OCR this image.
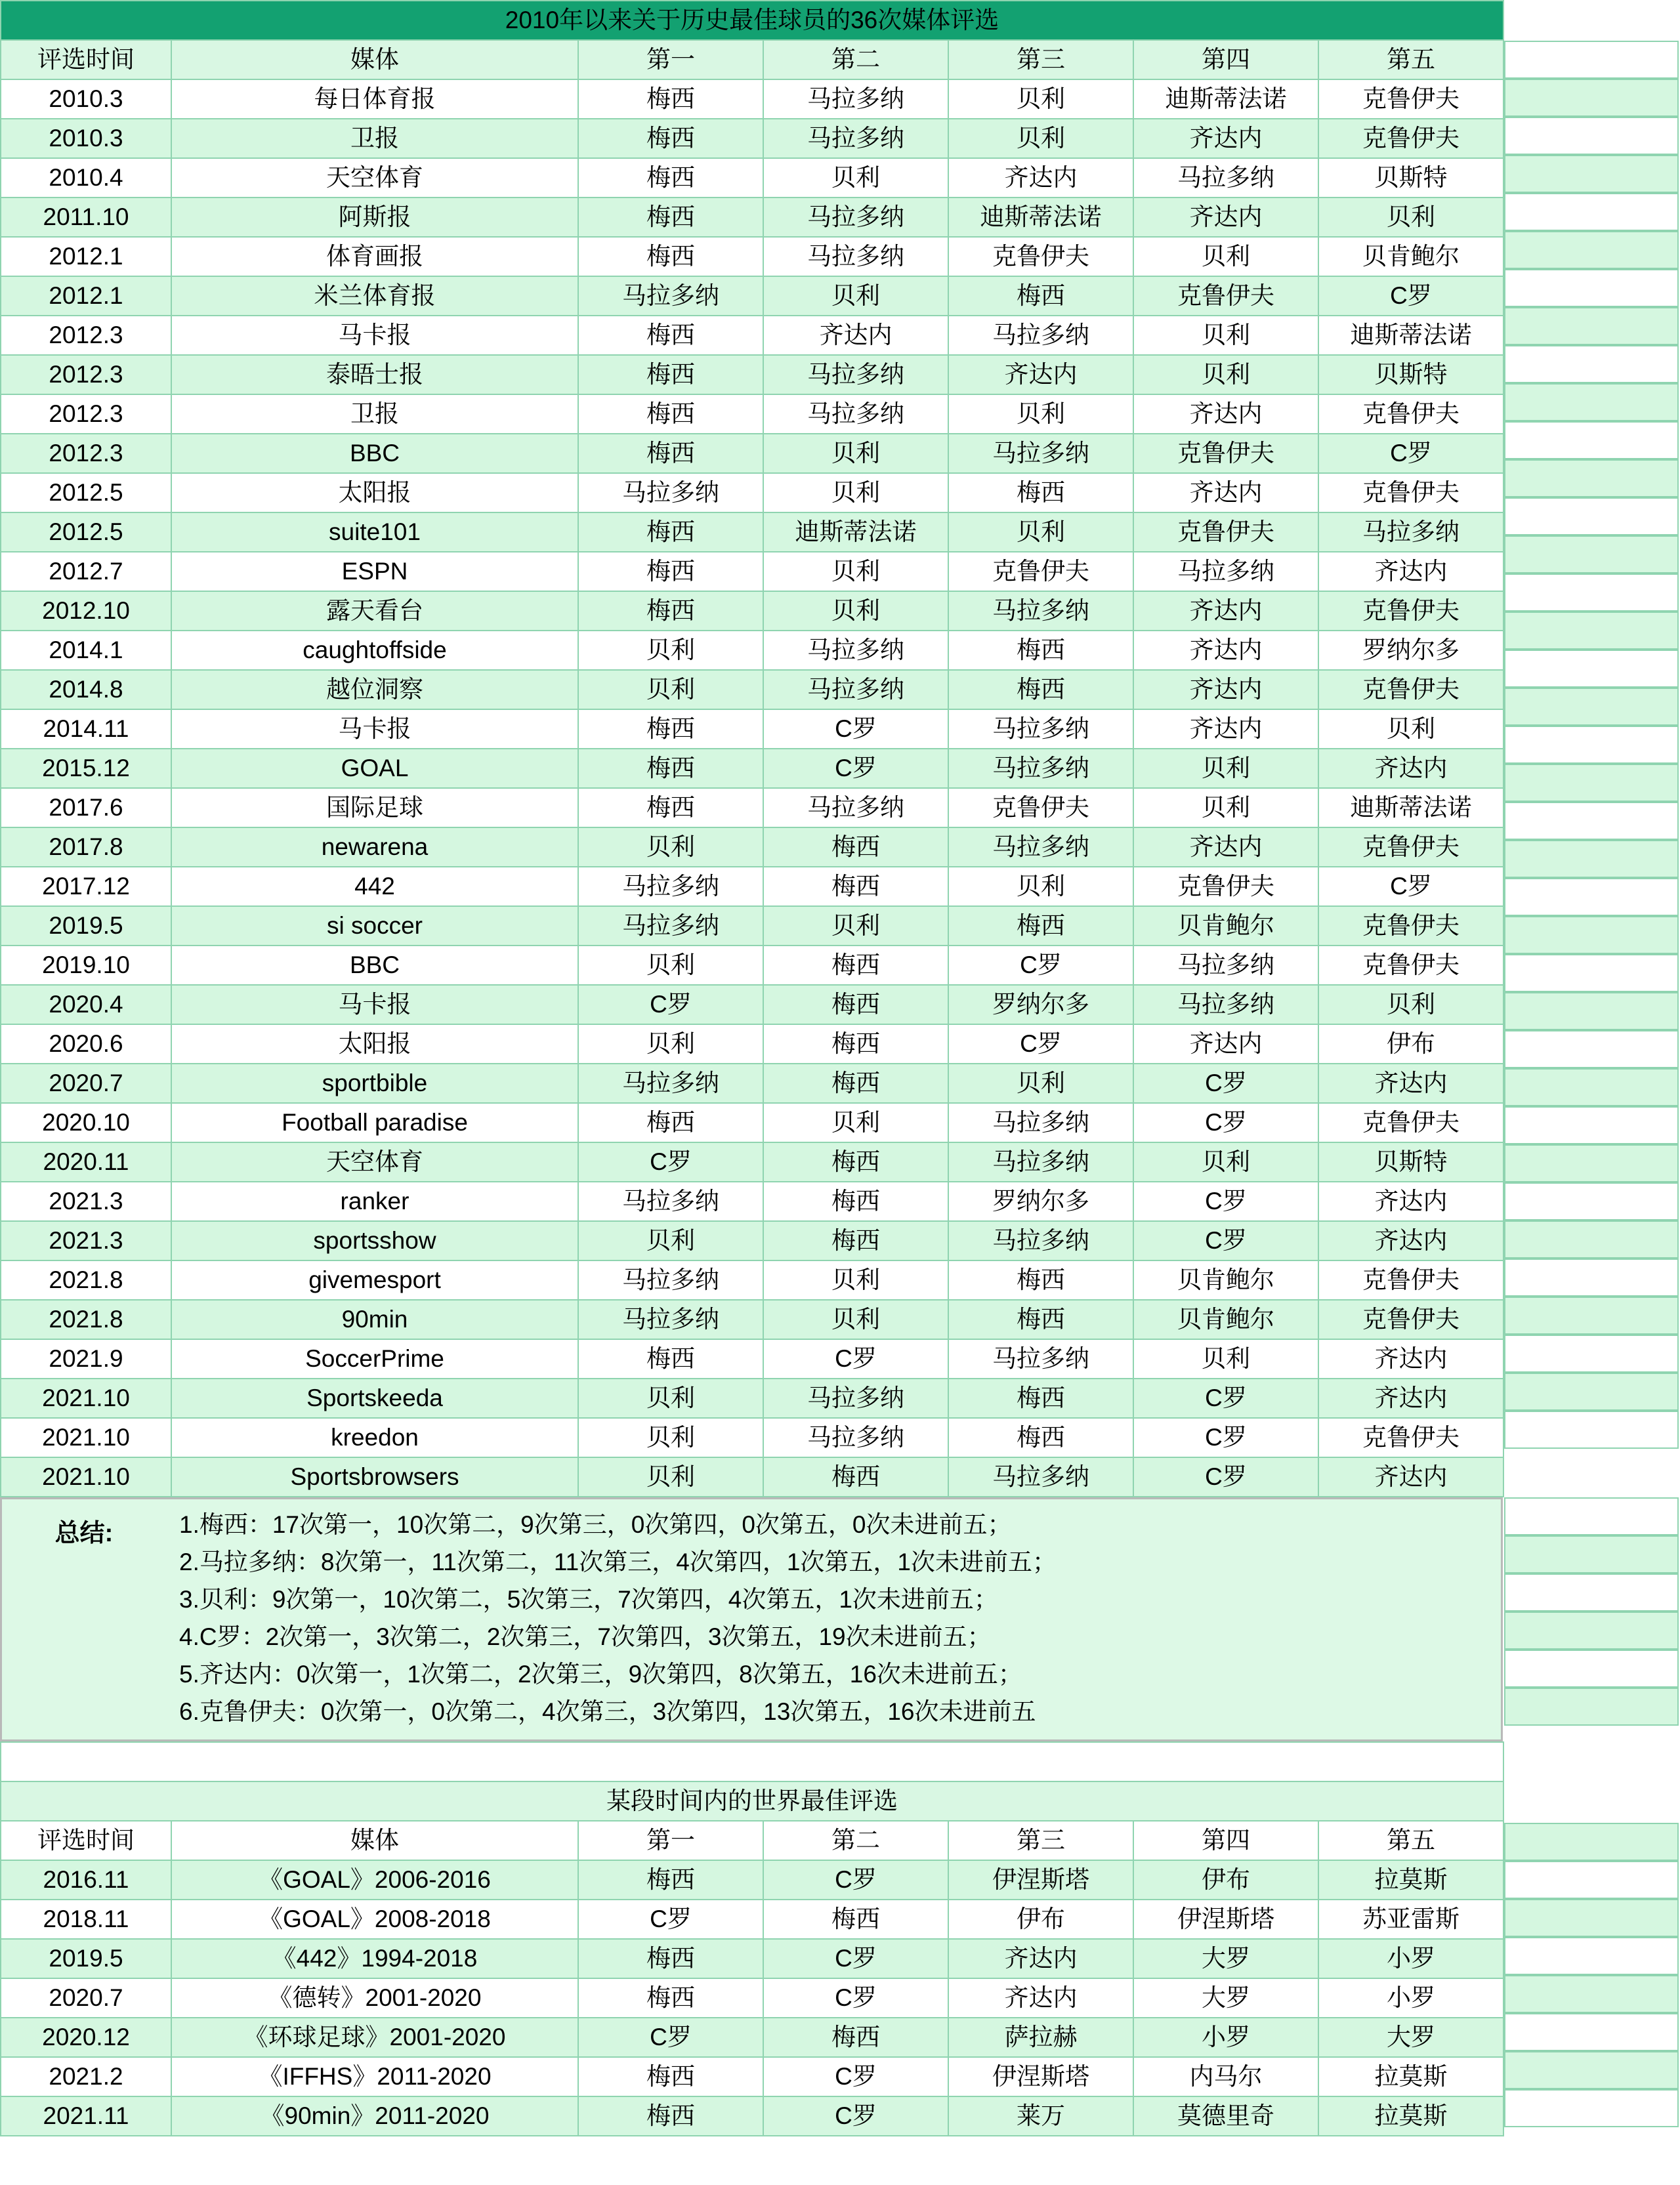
2010年以来关于历史最佳球员的36次媒体评选						
评选时间	媒体	第一	第二	第三	第四	第五
2010.3	每日体育报	梅西	马拉多纳	贝利	迪斯蒂法诺	克鲁伊夫
2010.3	卫报	梅西	马拉多纳	贝利	齐达内	克鲁伊夫
2010.4	天空体育	梅西	贝利	齐达内	马拉多纳	贝斯特
2011.10	阿斯报	梅西	马拉多纳	迪斯蒂法诺	齐达内	贝利
2012.1	体育画报	梅西	马拉多纳	克鲁伊夫	贝利	贝肯鲍尔
2012.1	米兰体育报	马拉多纳	贝利	梅西	克鲁伊夫	C罗
2012.3	马卡报	梅西	齐达内	马拉多纳	贝利	迪斯蒂法诺
2012.3	泰晤士报	梅西	马拉多纳	齐达内	贝利	贝斯特
2012.3	卫报	梅西	马拉多纳	贝利	齐达内	克鲁伊夫
2012.3	BBC	梅西	贝利	马拉多纳	克鲁伊夫	C罗
2012.5	太阳报	马拉多纳	贝利	梅西	齐达内	克鲁伊夫
2012.5	suite101	梅西	迪斯蒂法诺	贝利	克鲁伊夫	马拉多纳
2012.7	ESPN	梅西	贝利	克鲁伊夫	马拉多纳	齐达内
2012.10	露天看台	梅西	贝利	马拉多纳	齐达内	克鲁伊夫
2014.1	caughtoffside	贝利	马拉多纳	梅西	齐达内	罗纳尔多
2014.8	越位洞察	贝利	马拉多纳	梅西	齐达内	克鲁伊夫
2014.11	马卡报	梅西	C罗	马拉多纳	齐达内	贝利
2015.12	GOAL	梅西	C罗	马拉多纳	贝利	齐达内
2017.6	国际足球	梅西	马拉多纳	克鲁伊夫	贝利	迪斯蒂法诺
2017.8	newarena	贝利	梅西	马拉多纳	齐达内	克鲁伊夫
2017.12	442	马拉多纳	梅西	贝利	克鲁伊夫	C罗
2019.5	si soccer	马拉多纳	贝利	梅西	贝肯鲍尔	克鲁伊夫
2019.10	BBC	贝利	梅西	C罗	马拉多纳	克鲁伊夫
2020.4	马卡报	C罗	梅西	罗纳尔多	马拉多纳	贝利
2020.6	太阳报	贝利	梅西	C罗	齐达内	伊布
2020.7	sportbible	马拉多纳	梅西	贝利	C罗	齐达内
2020.10	Football paradise	梅西	贝利	马拉多纳	C罗	克鲁伊夫
2020.11	天空体育	C罗	梅西	马拉多纳	贝利	贝斯特
2021.3	ranker	马拉多纳	梅西	罗纳尔多	C罗	齐达内
2021.3	sportsshow	贝利	梅西	马拉多纳	C罗	齐达内
2021.8	givemesport	马拉多纳	贝利	梅西	贝肯鲍尔	克鲁伊夫
2021.8	90min	马拉多纳	贝利	梅西	贝肯鲍尔	克鲁伊夫
2021.9	SoccerPrime	梅西	C罗	马拉多纳	贝利	齐达内
2021.10	Sportskeeda	贝利	马拉多纳	梅西	C罗	齐达内
2021.10	kreedon	贝利	马拉多纳	梅西	C罗	克鲁伊夫
2021.10	Sportsbrowsers	贝利	梅西	马拉多纳	C罗	齐达内
总结:	1.梅西：17次第一，10次第二，9次第三，0次第四，0次第五，0次未进前五；
2.马拉多纳：8次第一，11次第二，11次第三，4次第四，1次第五，1次未进前五；
3.贝利：9次第一，10次第二，5次第三，7次第四，4次第五，1次未进前五；
4.C罗：2次第一，3次第二，2次第三，7次第四，3次第五，19次未进前五；
5.齐达内：0次第一，1次第二，2次第三，9次第四，8次第五，16次未进前五；
6.克鲁伊夫：0次第一，0次第二，4次第三，3次第四，13次第五，16次未进前五

某段时间内的世界最佳评选						
评选时间	媒体	第一	第二	第三	第四	第五
2016.11	《GOAL》2006-2016	梅西	C罗	伊涅斯塔	伊布	拉莫斯
2018.11	《GOAL》2008-2018	C罗	梅西	伊布	伊涅斯塔	苏亚雷斯
2019.5	《442》1994-2018	梅西	C罗	齐达内	大罗	小罗
2020.7	《德转》2001-2020	梅西	C罗	齐达内	大罗	小罗
2020.12	《环球足球》2001-2020	C罗	梅西	萨拉赫	小罗	大罗
2021.2	《IFFHS》2011-2020	梅西	C罗	伊涅斯塔	内马尔	拉莫斯
2021.11	《90min》2011-2020	梅西	C罗	莱万	莫德里奇	拉莫斯
